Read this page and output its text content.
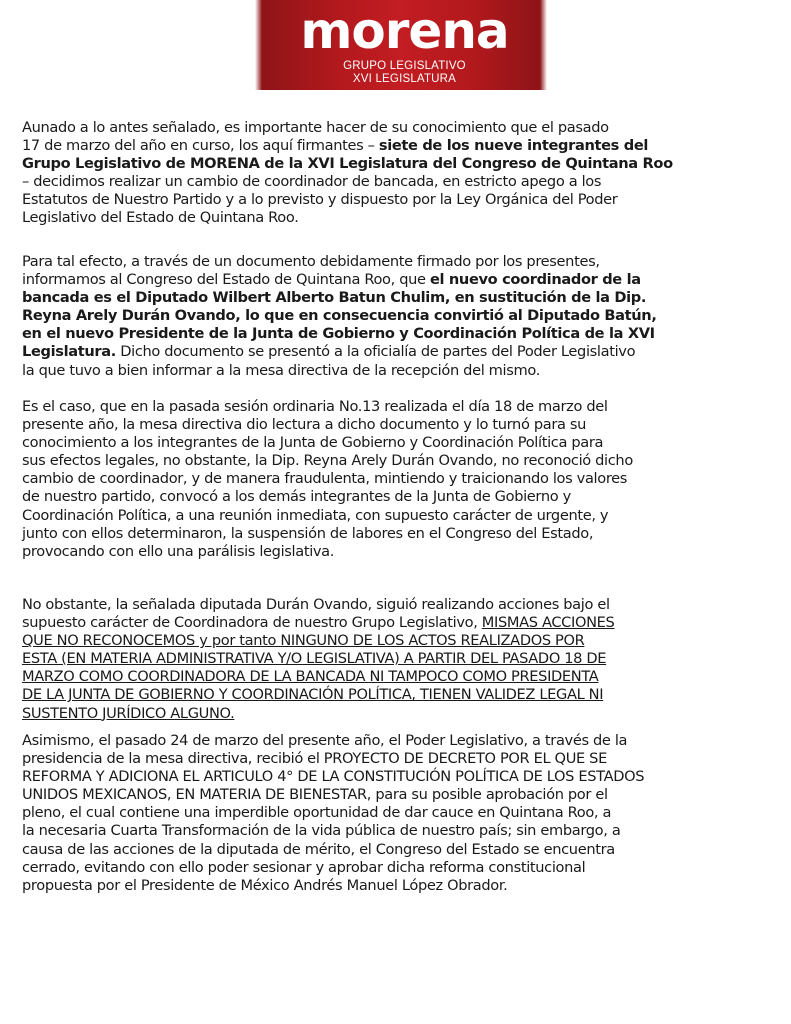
morena
GRUPO LEGISLATIVO
XVI LEGISLATURA
Aunado a lo antes señalado, es importante hacer de su conocimiento que el pasado
17 de marzo del año en curso, los aquí firmantes – siete de los nueve integrantes del
Grupo Legislativo de MORENA de la XVI Legislatura del Congreso de Quintana Roo
– decidimos realizar un cambio de coordinador de bancada, en estricto apego a los
Estatutos de Nuestro Partido y a lo previsto y dispuesto por la Ley Orgánica del Poder
Legislativo del Estado de Quintana Roo.
Para tal efecto, a través de un documento debidamente firmado por los presentes,
informamos al Congreso del Estado de Quintana Roo, que el nuevo coordinador de la
bancada es el Diputado Wilbert Alberto Batun Chulim, en sustitución de la Dip.
Reyna Arely Durán Ovando, lo que en consecuencia convirtió al Diputado Batún,
en el nuevo Presidente de la Junta de Gobierno y Coordinación Política de la XVI
Legislatura. Dicho documento se presentó a la oficialía de partes del Poder Legislativo
la que tuvo a bien informar a la mesa directiva de la recepción del mismo.
Es el caso, que en la pasada sesión ordinaria No.13 realizada el día 18 de marzo del
presente año, la mesa directiva dio lectura a dicho documento y lo turnó para su
conocimiento a los integrantes de la Junta de Gobierno y Coordinación Política para
sus efectos legales, no obstante, la Dip. Reyna Arely Durán Ovando, no reconoció dicho
cambio de coordinador, y de manera fraudulenta, mintiendo y traicionando los valores
de nuestro partido, convocó a los demás integrantes de la Junta de Gobierno y
Coordinación Política, a una reunión inmediata, con supuesto carácter de urgente, y
junto con ellos determinaron, la suspensión de labores en el Congreso del Estado,
provocando con ello una parálisis legislativa.
No obstante, la señalada diputada Durán Ovando, siguió realizando acciones bajo el
supuesto carácter de Coordinadora de nuestro Grupo Legislativo, MISMAS ACCIONES
QUE NO RECONOCEMOS y por tanto NINGUNO DE LOS ACTOS REALIZADOS POR
ESTA (EN MATERIA ADMINISTRATIVA Y/O LEGISLATIVA) A PARTIR DEL PASADO 18 DE
MARZO COMO COORDINADORA DE LA BANCADA NI TAMPOCO COMO PRESIDENTA
DE LA JUNTA DE GOBIERNO Y COORDINACIÓN POLÍTICA, TIENEN VALIDEZ LEGAL NI
SUSTENTO JURÍDICO ALGUNO.
Asimismo, el pasado 24 de marzo del presente año, el Poder Legislativo, a través de la
presidencia de la mesa directiva, recibió el PROYECTO DE DECRETO POR EL QUE SE
REFORMA Y ADICIONA EL ARTICULO 4° DE LA CONSTITUCIÓN POLÍTICA DE LOS ESTADOS
UNIDOS MEXICANOS, EN MATERIA DE BIENESTAR, para su posible aprobación por el
pleno, el cual contiene una imperdible oportunidad de dar cauce en Quintana Roo, a
la necesaria Cuarta Transformación de la vida pública de nuestro país; sin embargo, a
causa de las acciones de la diputada de mérito, el Congreso del Estado se encuentra
cerrado, evitando con ello poder sesionar y aprobar dicha reforma constitucional
propuesta por el Presidente de México Andrés Manuel López Obrador.
